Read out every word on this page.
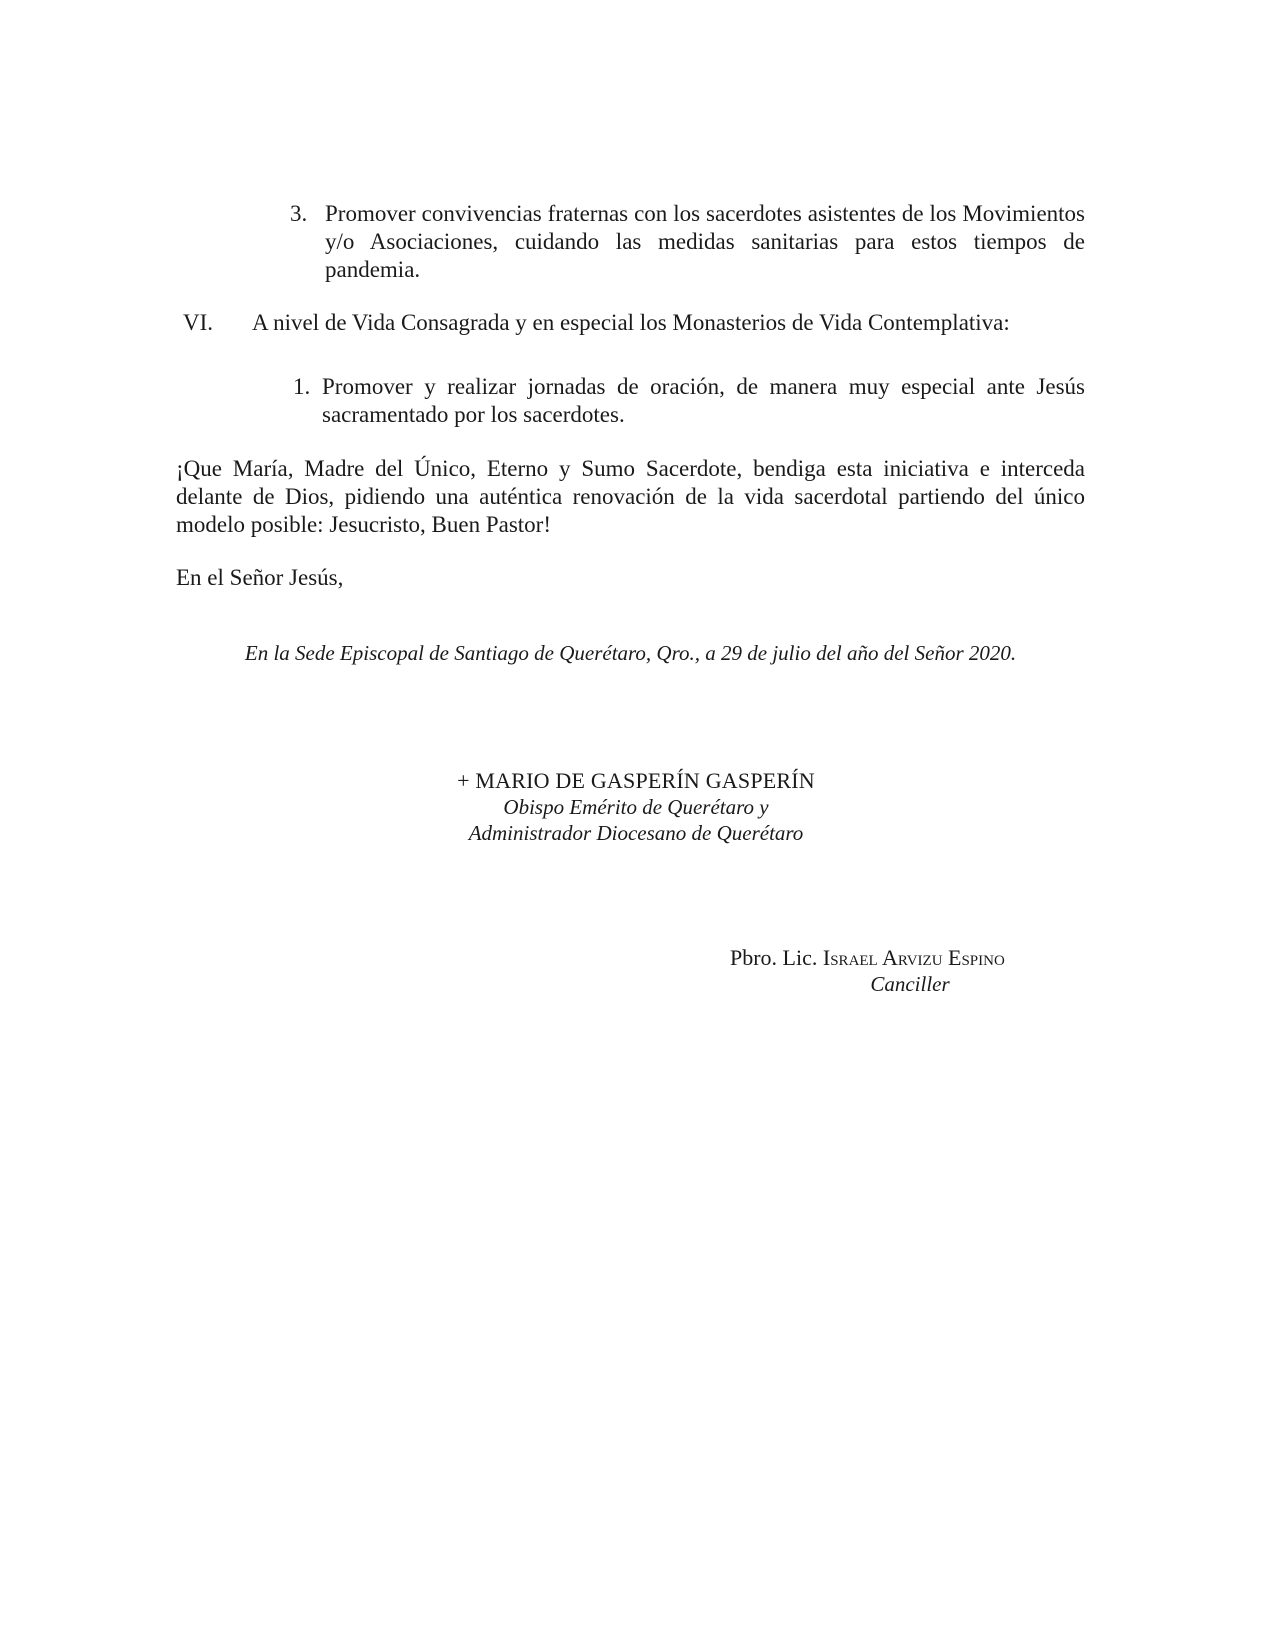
3. Promover convivencias fraternas con los sacerdotes asistentes de los Movimientos y/o Asociaciones, cuidando las medidas sanitarias para estos tiempos de pandemia.
VI. A nivel de Vida Consagrada y en especial los Monasterios de Vida Contemplativa:
1. Promover y realizar jornadas de oración, de manera muy especial ante Jesús sacramentado por los sacerdotes.
¡Que María, Madre del Único, Eterno y Sumo Sacerdote, bendiga esta iniciativa e interceda delante de Dios, pidiendo una auténtica renovación de la vida sacerdotal partiendo del único modelo posible: Jesucristo, Buen Pastor!
En el Señor Jesús,
En la Sede Episcopal de Santiago de Querétaro, Qro., a 29 de julio del año del Señor 2020.
+ MARIO DE GASPERÍN GASPERÍN
Obispo Emérito de Querétaro y
Administrador Diocesano de Querétaro
Pbro. Lic. Israel Arvizu Espino
Canciller
